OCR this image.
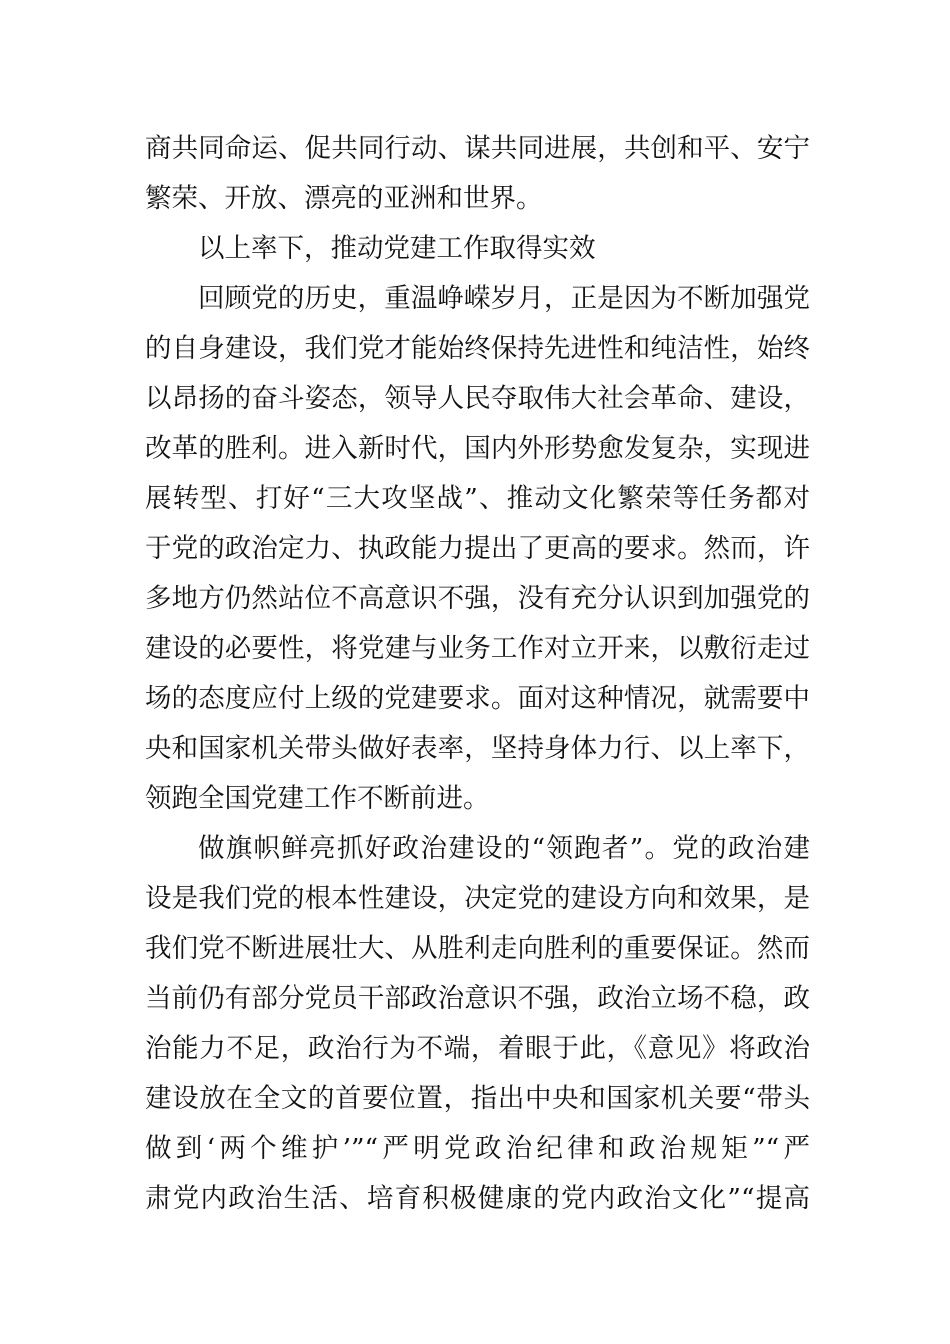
商共同命运、促共同行动、谋共同进展，共创和平、安宁
繁荣、开放、漂亮的亚洲和世界。
以上率下，推动党建工作取得实效
回顾党的历史，重温峥嵘岁月，正是因为不断加强党
的自身建设，我们党才能始终保持先进性和纯洁性，始终
以昂扬的奋斗姿态，领导人民夺取伟大社会革命、建设，
改革的胜利。进入新时代，国内外形势愈发复杂，实现进
展转型、打好“三大攻坚战”、推动文化繁荣等任务都对
于党的政治定力、执政能力提出了更高的要求。然而，许
多地方仍然站位不高意识不强，没有充分认识到加强党的
建设的必要性，将党建与业务工作对立开来，以敷衍走过
场的态度应付上级的党建要求。面对这种情况，就需要中
央和国家机关带头做好表率，坚持身体力行、以上率下，
领跑全国党建工作不断前进。
做旗帜鲜亮抓好政治建设的“领跑者”。党的政治建
设是我们党的根本性建设，决定党的建设方向和效果，是
我们党不断进展壮大、从胜利走向胜利的重要保证。然而
当前仍有部分党员干部政治意识不强，政治立场不稳，政
治能力不足，政治行为不端，着眼于此，《意见》将政治
建设放在全文的首要位置，指出中央和国家机关要“带头
做到‘两个维护’”“严明党政治纪律和政治规矩”“严
肃党内政治生活、培育积极健康的党内政治文化”“提高
